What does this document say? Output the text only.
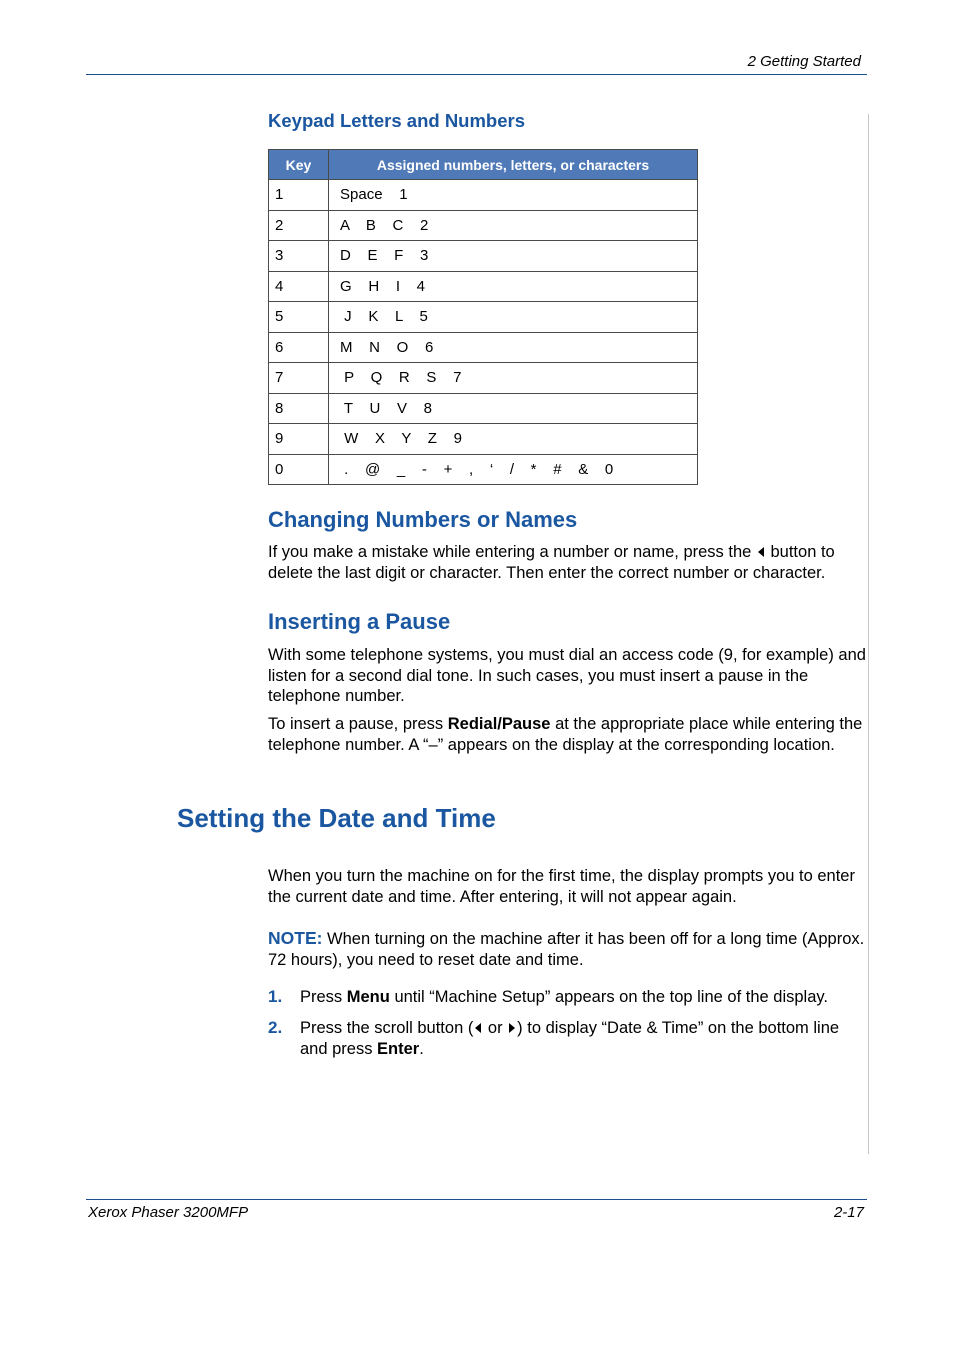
2 Getting Started
Keypad Letters and Numbers
Key	Assigned numbers, letters, or characters
1	Space    1
2	A    B    C    2
3	D    E    F    3
4	G    H    I    4
5	J    K    L    5
6	M    N    O    6
7	P    Q    R    S    7
8	T    U    V    8
9	W    X    Y    Z    9
0	.    @    _    -    +    ,    ‘    /    *    #    &    0
Changing Numbers or Names

If you make a mistake while entering a number or name, press the  button to delete the last digit or character. Then enter the correct number or character.

Inserting a Pause

With some telephone systems, you must dial an access code (9, for example) and listen for a second dial tone. In such cases, you must insert a pause in the telephone number.

To insert a pause, press Redial/Pause at the appropriate place while entering the telephone number. A “–” appears on the display at the corresponding location.

Setting the Date and Time

When you turn the machine on for the first time, the display prompts you to enter the current date and time. After entering, it will not appear again.

NOTE: When turning on the machine after it has been off for a long time (Approx. 72 hours), you need to reset date and time.

1. Press Menu until “Machine Setup” appears on the top line of the display.
2. Press the scroll button ( or ) to display “Date & Time” on the bottom line and press Enter.
Xerox Phaser 3200MFP	2-17
